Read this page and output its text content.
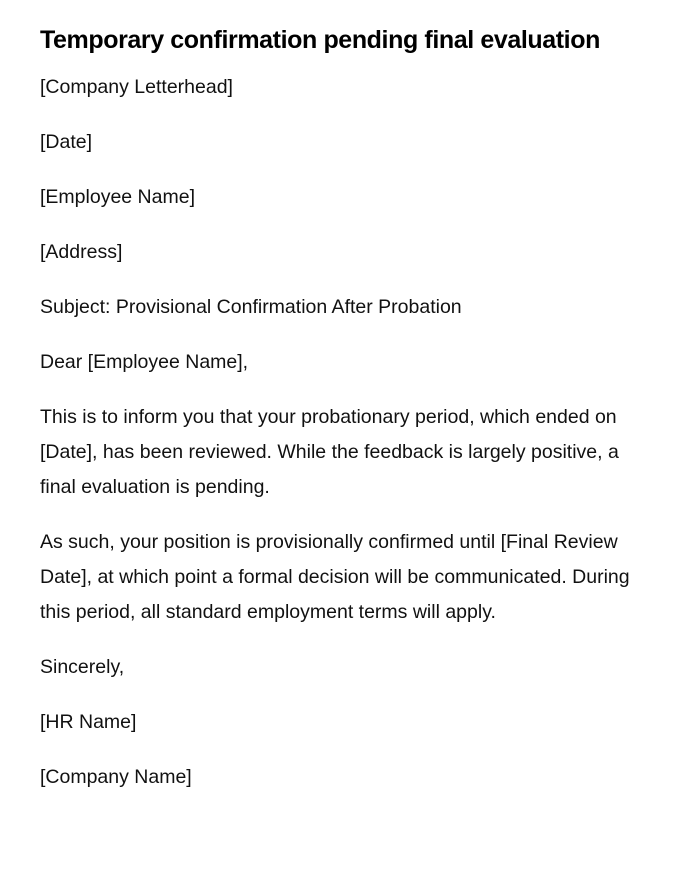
Temporary confirmation pending final evaluation

[Company Letterhead]

[Date]

[Employee Name]

[Address]

Subject: Provisional Confirmation After Probation

Dear [Employee Name],

This is to inform you that your probationary period, which ended on [Date], has been reviewed. While the feedback is largely positive, a final evaluation is pending.

As such, your position is provisionally confirmed until [Final Review Date], at which point a formal decision will be communicated. During this period, all standard employment terms will apply.

Sincerely,

[HR Name]

[Company Name]
